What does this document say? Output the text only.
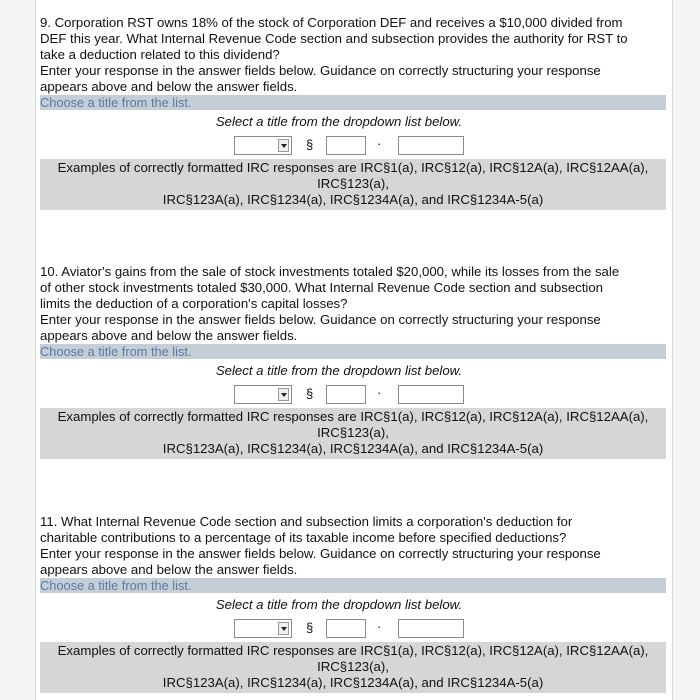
9. Corporation RST owns 18% of the stock of Corporation DEF and receives a $10,000 divided from
DEF this year. What Internal Revenue Code section and subsection provides the authority for RST to
take a deduction related to this dividend?
Enter your response in the answer fields below. Guidance on correctly structuring your response
appears above and below the answer fields.

Choose a title from the list.
Select a title from the dropdown list below.
§	·
Examples of correctly formatted IRC responses are IRC§1(a), IRC§12(a), IRC§12A(a), IRC§12AA(a),
IRC§123(a),
IRC§123A(a), IRC§1234(a), IRC§1234A(a), and IRC§1234A-5(a)

10. Aviator's gains from the sale of stock investments totaled $20,000, while its losses from the sale
of other stock investments totaled $30,000. What Internal Revenue Code section and subsection
limits the deduction of a corporation's capital losses?
Enter your response in the answer fields below. Guidance on correctly structuring your response
appears above and below the answer fields.

Choose a title from the list.
Select a title from the dropdown list below.
§	·
Examples of correctly formatted IRC responses are IRC§1(a), IRC§12(a), IRC§12A(a), IRC§12AA(a),
IRC§123(a),
IRC§123A(a), IRC§1234(a), IRC§1234A(a), and IRC§1234A-5(a)

11. What Internal Revenue Code section and subsection limits a corporation's deduction for
charitable contributions to a percentage of its taxable income before specified deductions?
Enter your response in the answer fields below. Guidance on correctly structuring your response
appears above and below the answer fields.

Choose a title from the list.
Select a title from the dropdown list below.
§	·
Examples of correctly formatted IRC responses are IRC§1(a), IRC§12(a), IRC§12A(a), IRC§12AA(a),
IRC§123(a),
IRC§123A(a), IRC§1234(a), IRC§1234A(a), and IRC§1234A-5(a)
